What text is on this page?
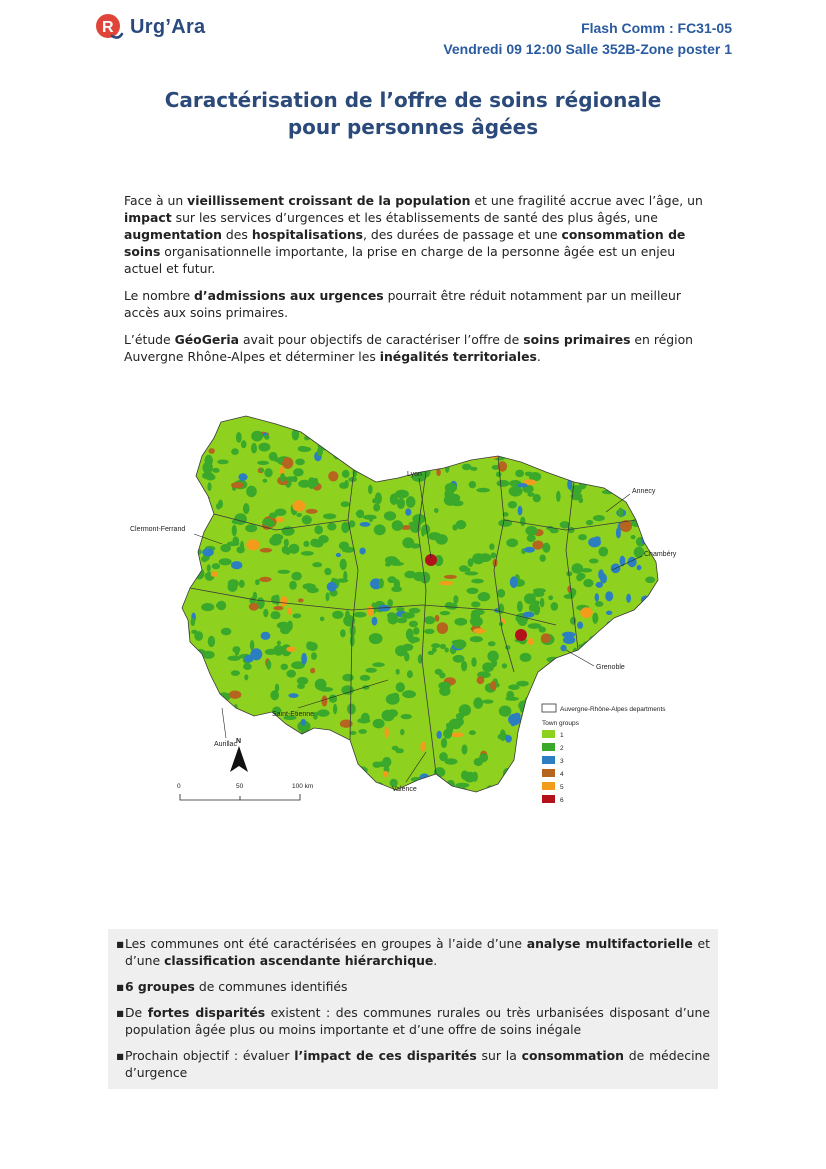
R Urg’Ara	Flash Comm : FC31-05
Vendredi 09 12:00 Salle 352B-Zone poster 1
Caractérisation de l’offre de soins régionale
pour personnes âgées

Face à un vieillissement croissant de la population et une fragilité accrue avec l’âge, un impact sur les services d’urgences et les établissements de santé des plus âgés, une augmentation des hospitalisations, des durées de passage et une consommation de soins organisationnelle importante, la prise en charge de la personne âgée est un enjeu actuel et futur.

Le nombre d’admissions aux urgences pourrait être réduit notamment par un meilleur accès aux soins primaires.

L’étude GéoGeria avait pour objectifs de caractériser l’offre de soins primaires en région Auvergne Rhône-Alpes et déterminer les inégalités territoriales.

Lyon
Annecy
Clermont-Ferrand
Chambéry
Grenoble
Saint-Etienne
Aurillac
Valence
Auvergne-Rhône-Alpes departments
Town groups
1
2
3
4
5
6
N
0	50	100 km
▪ Les communes ont été caractérisées en groupes à l’aide d’une analyse multifactorielle et d’une classification ascendante hiérarchique.
▪ 6 groupes de communes identifiés
▪ De fortes disparités existent : des communes rurales ou très urbanisées disposant d’une population âgée plus ou moins importante et d’une offre de soins inégale
▪ Prochain objectif : évaluer l’impact de ces disparités sur la consommation de médecine d’urgence
